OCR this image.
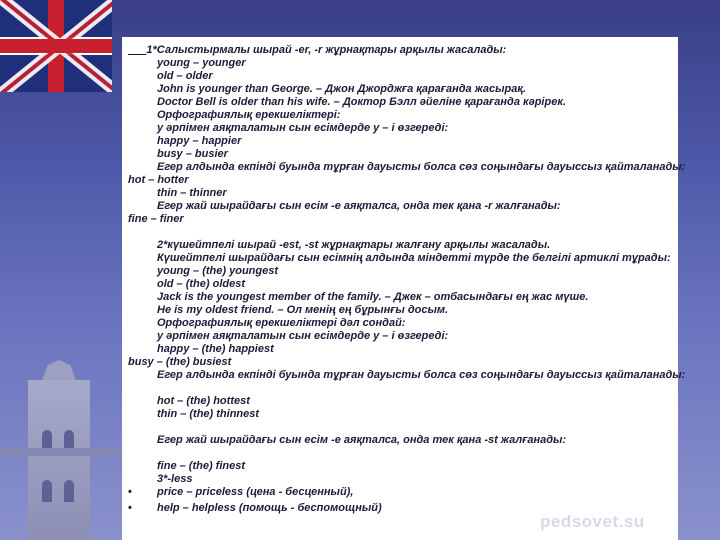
1*Салыстырмалы шырай -er, -r жұрнақтары арқылы жасалады:
young – younger
old – older
John is younger than George. – Джон Джорджға қарағанда жасырақ.
Doctor Bell is older than his wife. – Доктор Бэлл әйеліне қарағанда кәрірек.
Орфографиялық ерекшеліктері:
у әрпімен аяқталатын сын есімдерде у – і өзгереді:
happy – happier
busy – busier
Егер алдында екпінді буында тұрған дауысты болса сөз соңындағы дауыссыз қайталанады:
hot – hotter
thin – thinner
Егер жай шырайдағы сын есім -е аяқталса, онда тек қана -r жалғанады:
fine – finer
2*күшейтпелі шырай -est, -st жұрнақтары жалғану арқылы жасалады.
Күшейтпелі шырайдағы сын есімнің алдында міндетті түрде the белгілі артиклі тұрады:
young – (the) youngest
old – (the) oldest
Jack is the youngest member of the family. – Джек – отбасындағы ең жас мүше.
He is my oldest friend. – Ол менің ең бұрынғы досым.
Орфографиялық ерекшеліктері дәл сондай:
у әрпімен аяқталатын сын есімдерде у – і өзгереді:
happy – (the) happiest
busy – (the) busiest
Егер алдында екпінді буында тұрған дауысты болса сөз соңындағы дауыссыз қайталанады:
hot – (the) hottest
thin – (the) thinnest
Егер жай шырайдағы сын есім -е аяқталса, онда тек қана -st жалғанады:
fine – (the) finest
3*-less
• price – priceless (цена - бесценный),
• help – helpless (помощь - беспомощный)
pedsovet.su
